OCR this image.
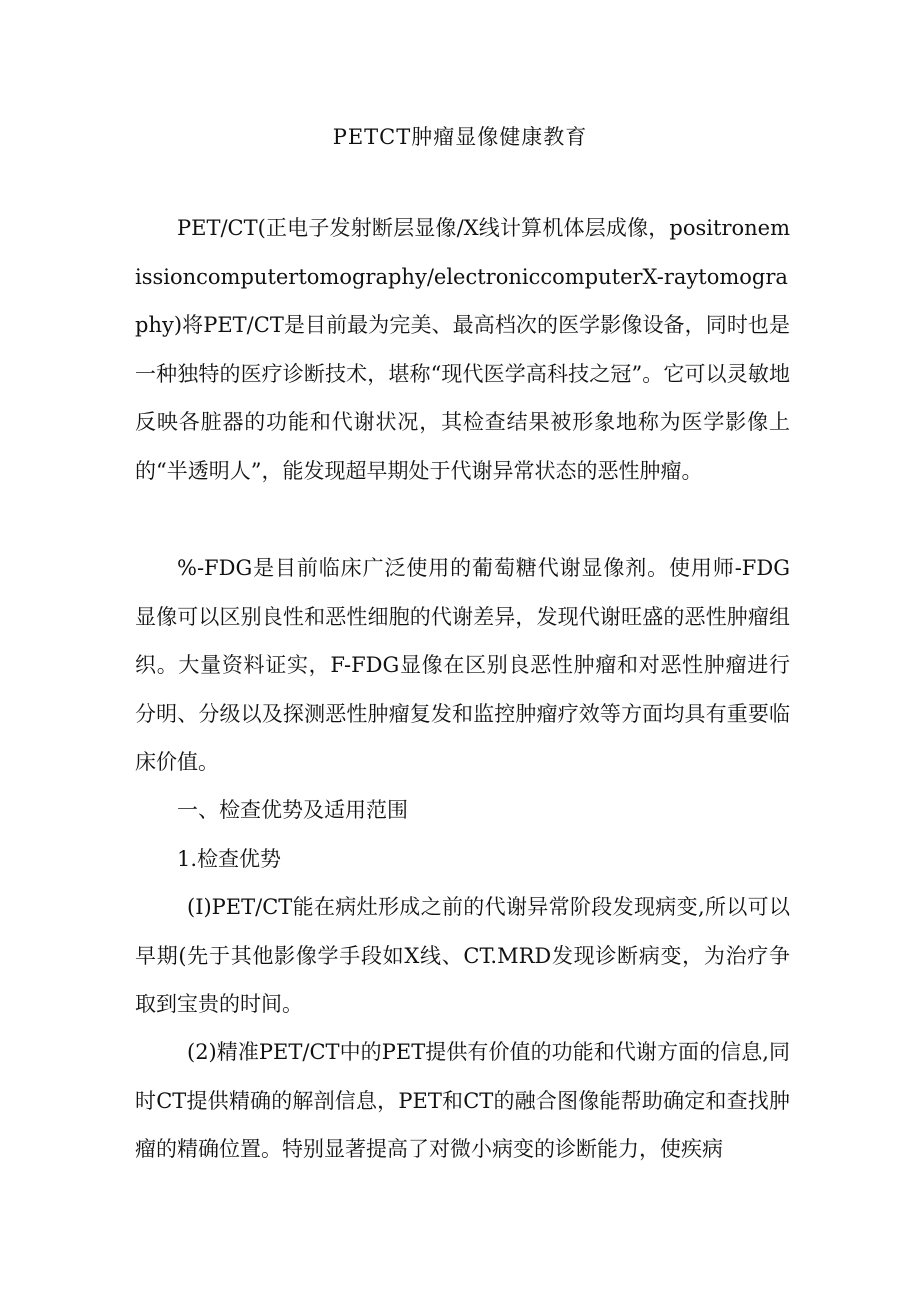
PETCT肿瘤显像健康教育

PET/CT(正电子发射断层显像/X线计算机体层成像，positronemissioncomputertomography/electroniccomputerX-raytomography)将PET/CT是目前最为完美、最高档次的医学影像设备，同时也是一种独特的医疗诊断技术，堪称“现代医学高科技之冠”。它可以灵敏地反映各脏器的功能和代谢状况，其检查结果被形象地称为医学影像上的“半透明人”，能发现超早期处于代谢异常状态的恶性肿瘤。

%-FDG是目前临床广泛使用的葡萄糖代谢显像剂。使用师-FDG显像可以区别良性和恶性细胞的代谢差异，发现代谢旺盛的恶性肿瘤组织。大量资料证实，F-FDG显像在区别良恶性肿瘤和对恶性肿瘤进行分明、分级以及探测恶性肿瘤复发和监控肿瘤疗效等方面均具有重要临床价值。

一、检查优势及适用范围

1.检查优势

(I)PET/CT能在病灶形成之前的代谢异常阶段发现病变,所以可以早期(先于其他影像学手段如X线、CT.MRD发现诊断病变，为治疗争取到宝贵的时间。

(2)精准PET/CT中的PET提供有价值的功能和代谢方面的信息,同时CT提供精确的解剖信息，PET和CT的融合图像能帮助确定和查找肿瘤的精确位置。特别显著提高了对微小病变的诊断能力，使疾病
